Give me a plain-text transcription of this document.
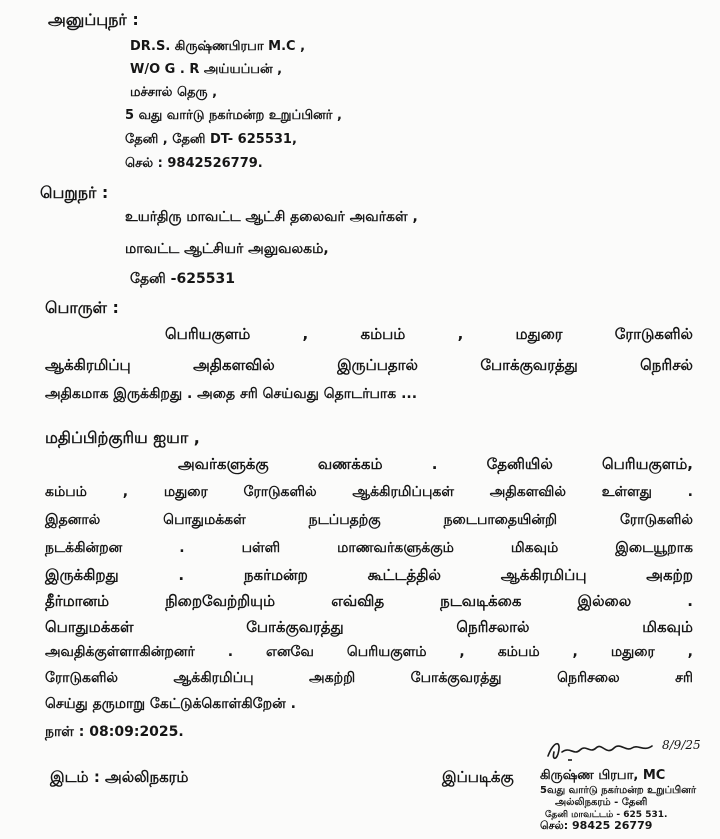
அனுப்புநர் :
DR.S. கிருஷ்ணபிரபா M.C ,
W/O G . R அய்யப்பன் ,
மச்சால் தெரு ,
5 வது வார்டு நகர்மன்ற உறுப்பினர் ,
தேனி , தேனி DT- 625531,
செல் : 9842526779.
பெறுநர் :
உயர்திரு மாவட்ட ஆட்சி தலைவர் அவர்கள் ,
மாவட்ட ஆட்சியர் அலுவலகம்,
தேனி -625531
பொருள் :
பெரியகுளம் , கம்பம் , மதுரை ரோடுகளில்
ஆக்கிரமிப்பு அதிகளவில் இருப்பதால் போக்குவரத்து நெரிசல்
அதிகமாக இருக்கிறது . அதை சரி செய்வது தொடர்பாக ...
மதிப்பிற்குரிய ஐயா ,
அவர்களுக்கு வணக்கம் . தேனியில் பெரியகுளம்,
கம்பம் , மதுரை ரோடுகளில் ஆக்கிரமிப்புகள் அதிகளவில் உள்ளது .
இதனால் பொதுமக்கள் நடப்பதற்கு நடைபாதையின்றி ரோடுகளில்
நடக்கின்றன . பள்ளி மாணவர்களுக்கும் மிகவும் இடையூறாக
இருக்கிறது . நகர்மன்ற கூட்டத்தில் ஆக்கிரமிப்பு அகற்ற
தீர்மானம் நிறைவேற்றியும் எவ்வித நடவடிக்கை இல்லை .
பொதுமக்கள் போக்குவரத்து நெரிசலால் மிகவும்
அவதிக்குள்ளாகின்றனர் . எனவே பெரியகுளம் , கம்பம் , மதுரை ,
ரோடுகளில் ஆக்கிரமிப்பு அகற்றி போக்குவரத்து நெரிசலை சரி
செய்து தருமாறு கேட்டுக்கொள்கிறேன் .
நாள் : 08:09:2025.
8/9/25
இடம் : அல்லிநகரம்	இப்படிக்கு கிருஷ்ண பிரபா, MC
5வது வார்டு நகர்மன்ற உறுப்பினர்
அல்லிநகரம் - தேனி
தேனி மாவட்டம் - 625 531.
செல்: 98425 26779
